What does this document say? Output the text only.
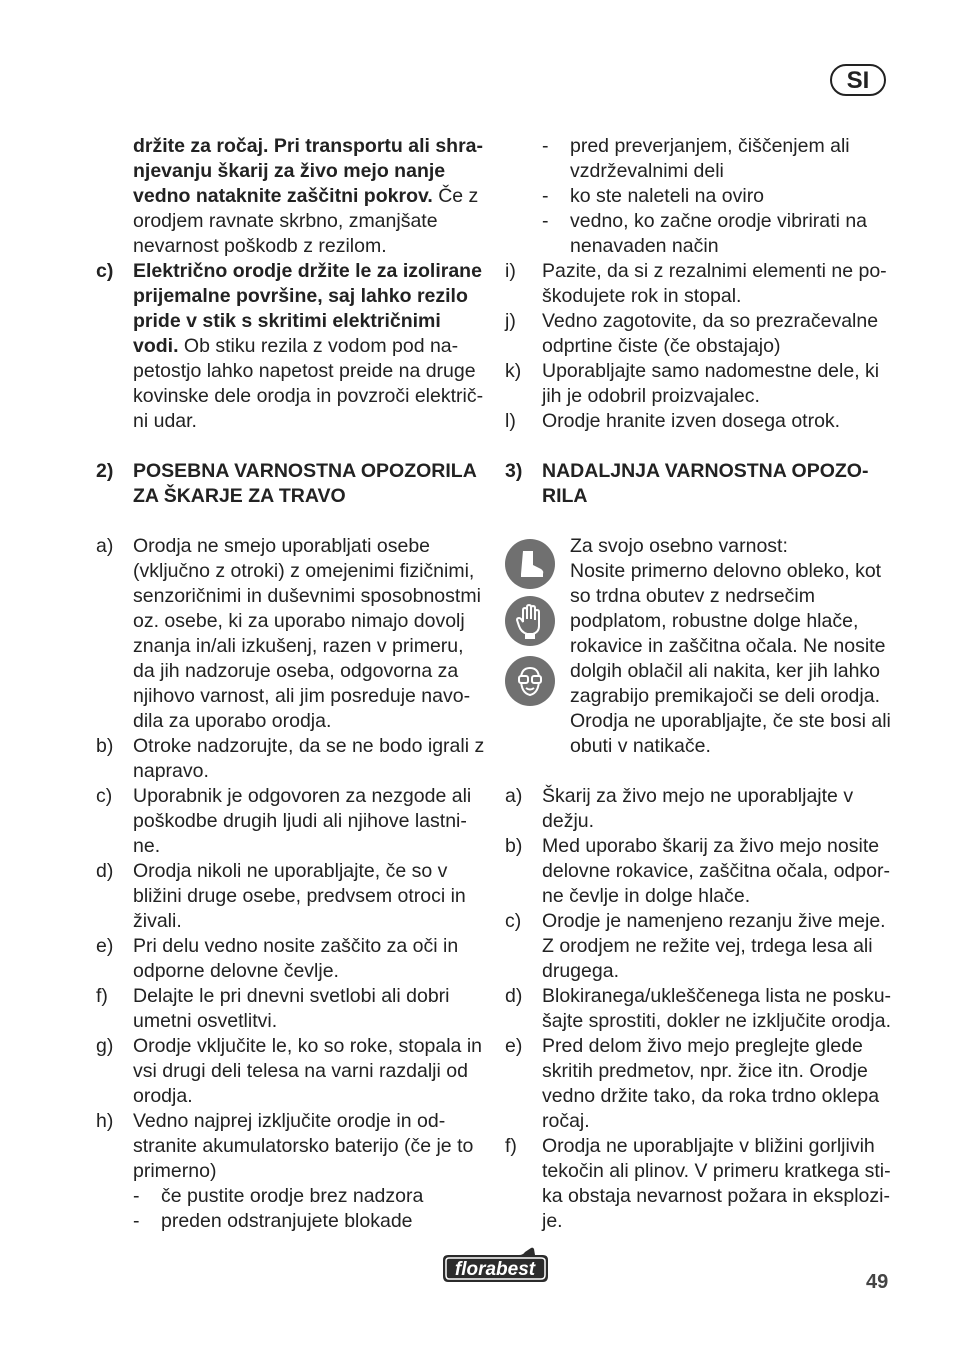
SI
držite za ročaj. Pri transportu ali shra-njevanju škarij za živo mejo nanje vedno nataknite zaščitni pokrov. Če z orodjem ravnate skrbno, zmanjšate nevarnost poškodb z rezilom.
c) Električno orodje držite le za izolirane prijemalne površine, saj lahko rezilo pride v stik s skritimi električnimi vodi. Ob stiku rezila z vodom pod na-petostjo lahko napetost preide na druge kovinske dele orodja in povzroči električ-ni udar.
2) POSEBNA VARNOSTNA OPOZORILA ZA ŠKARJE ZA TRAVO
a) Orodja ne smejo uporabljati osebe (vključno z otroki) z omejenimi fizičnimi, senzoričnimi in duševnimi sposobnostmi oz. osebe, ki za uporabo nimajo dovolj znanja in/ali izkušenj, razen v primeru, da jih nadzoruje oseba, odgovorna za njihovo varnost, ali jim posreduje navo-dila za uporabo orodja.
b) Otroke nadzorujte, da se ne bodo igrali z napravo.
c) Uporabnik je odgovoren za nezgode ali poškodbe drugih ljudi ali njihove lastni-ne.
d) Orodja nikoli ne uporabljajte, če so v bližini druge osebe, predvsem otroci in živali.
e) Pri delu vedno nosite zaščito za oči in odporne delovne čevlje.
f) Delajte le pri dnevni svetlobi ali dobri umetni osvetlitvi.
g) Orodje vključite le, ko so roke, stopala in vsi drugi deli telesa na varni razdalji od orodja.
h) Vedno najprej izključite orodje in od-stranite akumulatorsko baterijo (če je to primerno)
- če pustite orodje brez nadzora
- preden odstranjujete blokade
- pred preverjanjem, čiščenjem ali vzdrževalnimi deli
- ko ste naleteli na oviro
- vedno, ko začne orodje vibrirati na nenavaden način
i) Pazite, da si z rezalnimi elementi ne po-škodujete rok in stopal.
j) Vedno zagotovite, da so prezračevalne odprtine čiste (če obstajajo)
k) Uporabljajte samo nadomestne dele, ki jih je odobril proizvajalec.
l) Orodje hranite izven dosega otrok.
3) NADALJNJA VARNOSTNA OPOZO-RILA
Za svojo osebno varnost:
Nosite primerno delovno obleko, kot so trdna obutev z nedrsečim podplatom, robustne dolge hlače, rokavice in zaščitna očala. Ne nosite dolgih oblačil ali nakita, ker jih lahko zagrabijo premikajoči se deli orodja. Orodja ne uporabljajte, če ste bosi ali obuti v natikače.
a) Škarij za živo mejo ne uporabljajte v dežju.
b) Med uporabo škarij za živo mejo nosite delovne rokavice, zaščitna očala, odpor-ne čevlje in dolge hlače.
c) Orodje je namenjeno rezanju žive meje. Z orodjem ne režite vej, trdega lesa ali drugega.
d) Blokiranega/ukleščenega lista ne posku-šajte sprostiti, dokler ne izključite orodja.
e) Pred delom živo mejo preglejte glede skritih predmetov, npr. žice itn. Orodje vedno držite tako, da roka trdno oklepa ročaj.
f) Orodja ne uporabljajte v bližini gorljivih tekočin ali plinov. V primeru kratkega sti-ka obstaja nevarnost požara in eksplozi-je.
florabest
49
